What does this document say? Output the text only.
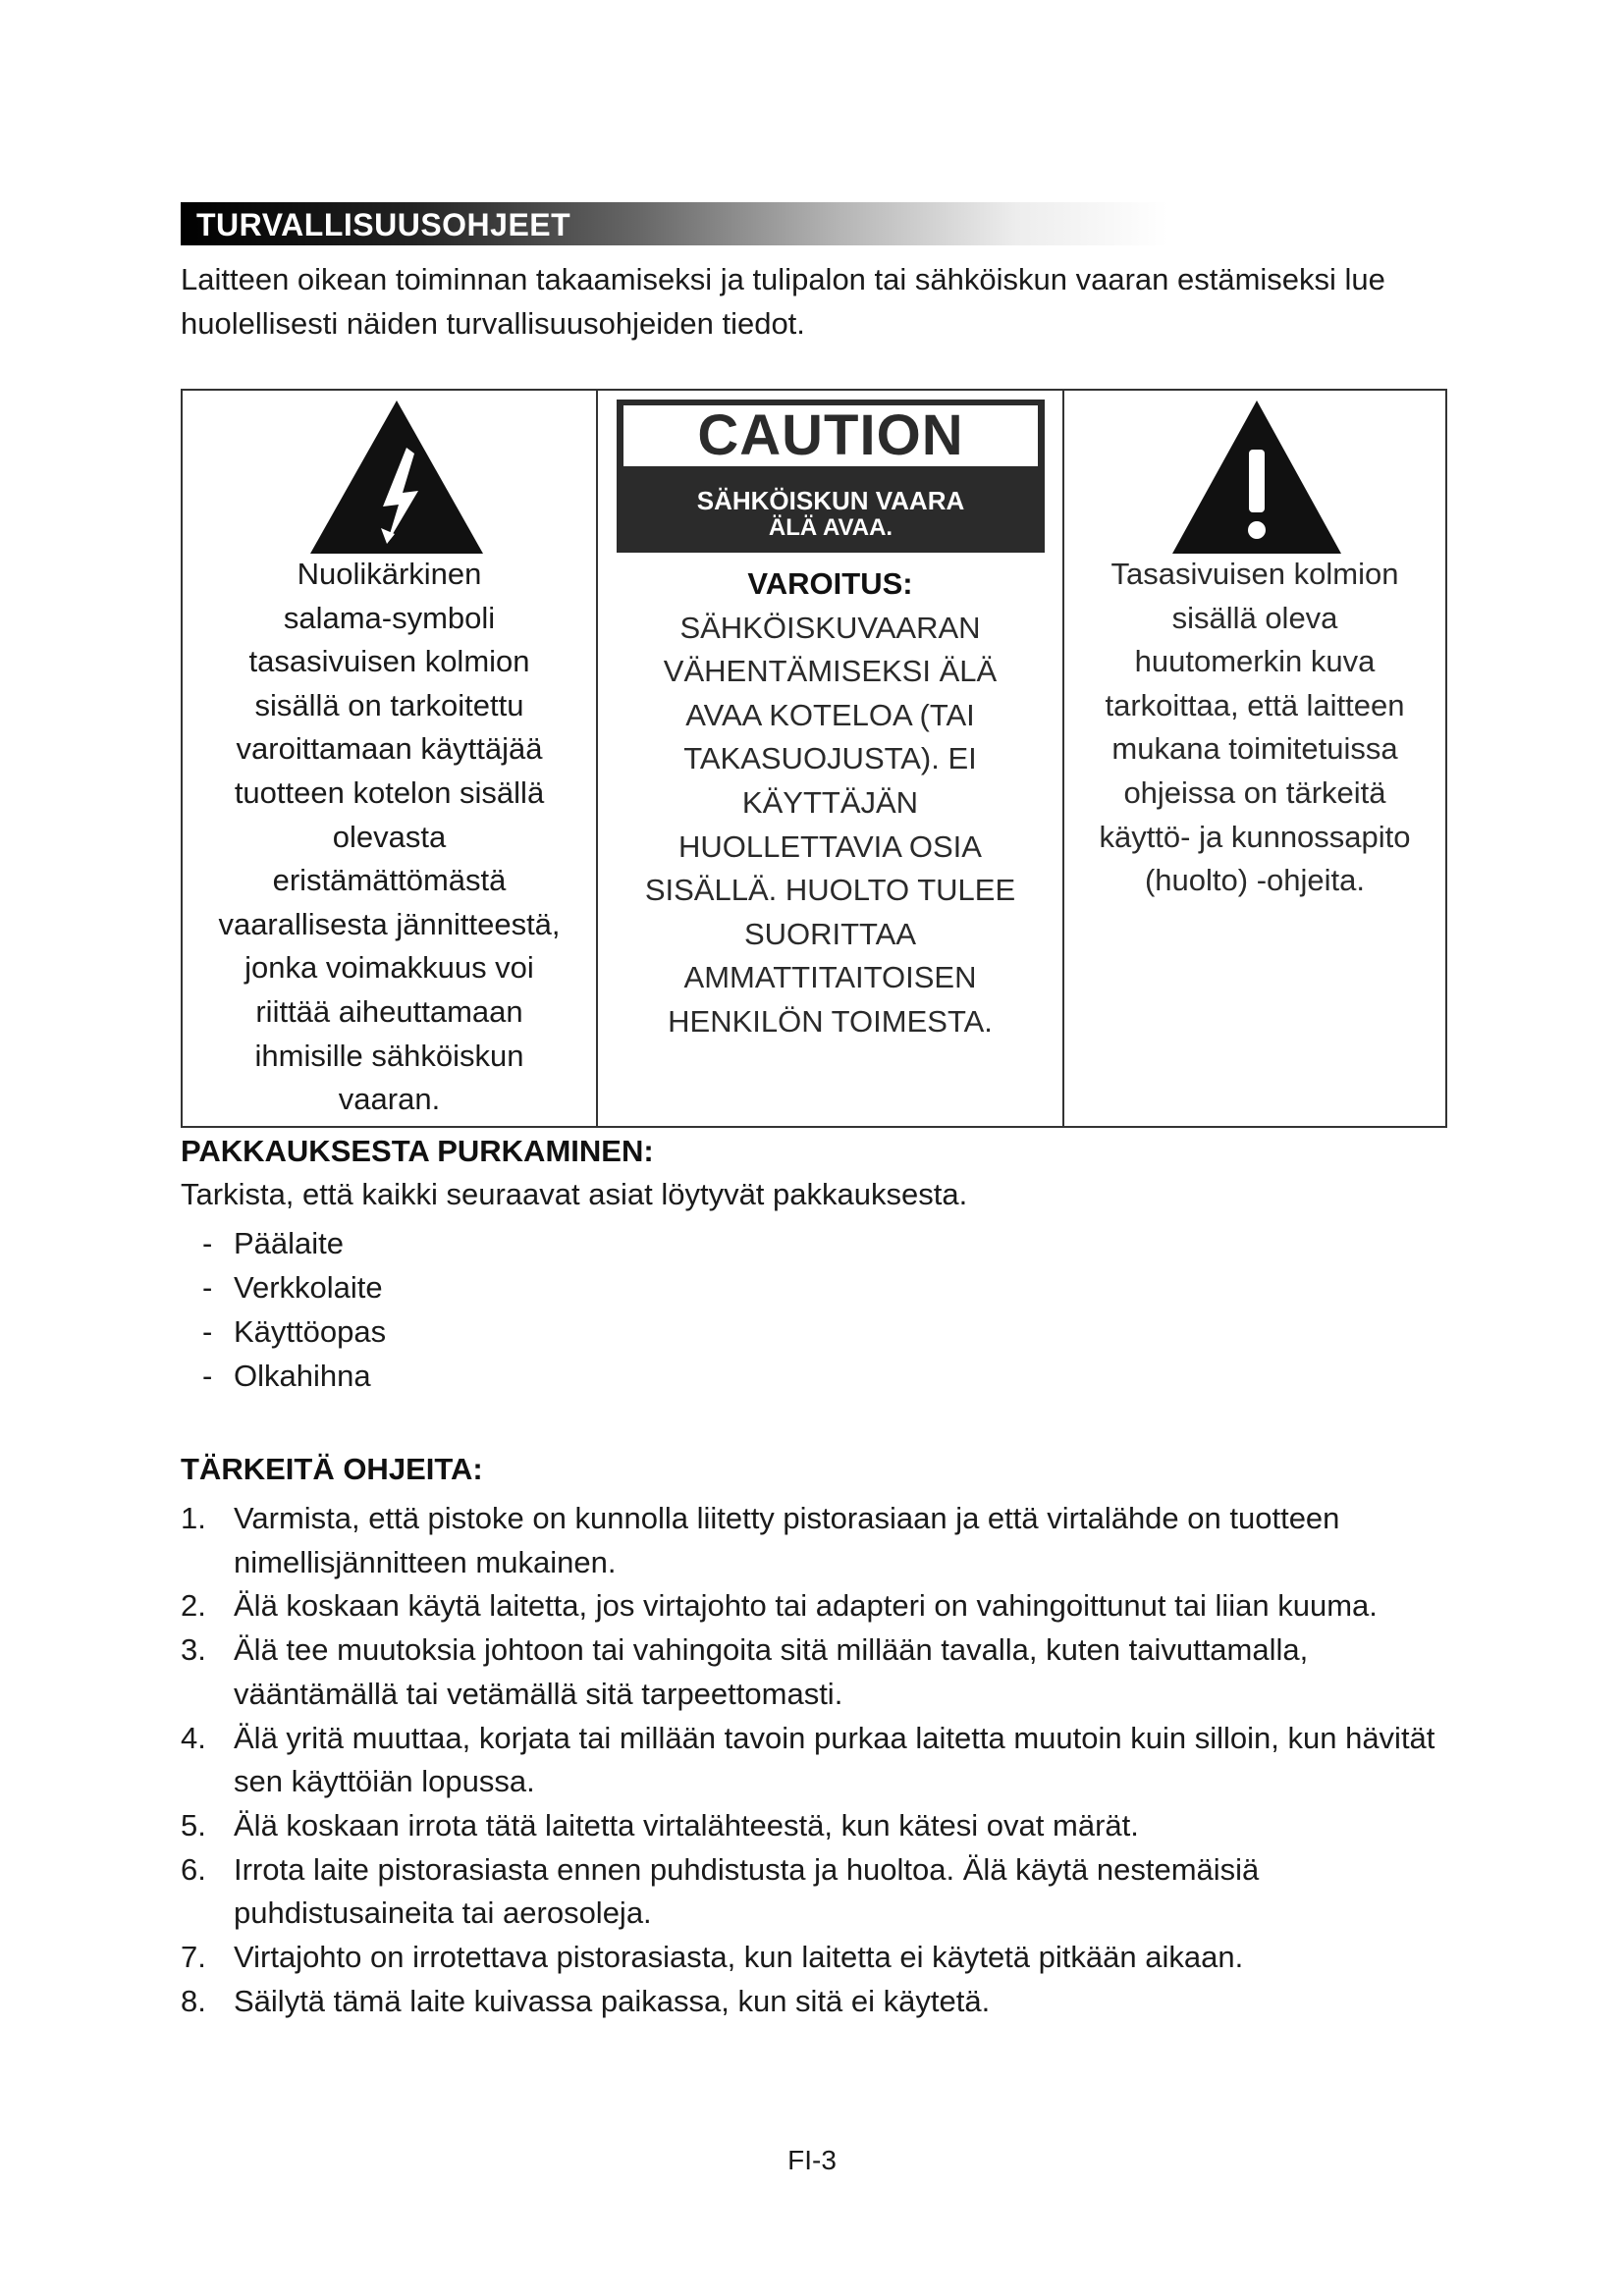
TURVALLISUUSOHJEET
Laitteen oikean toiminnan takaamiseksi ja tulipalon tai sähköiskun vaaran estämiseksi lue huolellisesti näiden turvallisuusohjeiden tiedot.
Nuolikärkinen
salama-symboli
tasasivuisen kolmion
sisällä on tarkoitettu
varoittamaan käyttäjää
tuotteen kotelon sisällä
olevasta
eristämättömästä
vaarallisesta jännitteestä,
jonka voimakkuus voi
riittää aiheuttamaan
ihmisille sähköiskun
vaaran.
CAUTION
SÄHKÖISKUN VAARA
ÄLÄ AVAA.
VAROITUS:
SÄHKÖISKUVAARAN
VÄHENTÄMISEKSI ÄLÄ
AVAA KOTELOA (TAI
TAKASUOJUSTA). EI
KÄYTTÄJÄN
HUOLLETTAVIA OSIA
SISÄLLÄ. HUOLTO TULEE
SUORITTAA
AMMATTITAITOISEN
HENKILÖN TOIMESTA.
Tasasivuisen kolmion
sisällä oleva
huutomerkin kuva
tarkoittaa, että laitteen
mukana toimitetuissa
ohjeissa on tärkeitä
käyttö- ja kunnossapito
(huolto) -ohjeita.
PAKKAUKSESTA PURKAMINEN:
Tarkista, että kaikki seuraavat asiat löytyvät pakkauksesta.
- Päälaite
- Verkkolaite
- Käyttöopas
- Olkahihna
TÄRKEITÄ OHJEITA:
1. Varmista, että pistoke on kunnolla liitetty pistorasiaan ja että virtalähde on tuotteen nimellisjännitteen mukainen.
2. Älä koskaan käytä laitetta, jos virtajohto tai adapteri on vahingoittunut tai liian kuuma.
3. Älä tee muutoksia johtoon tai vahingoita sitä millään tavalla, kuten taivuttamalla, vääntämällä tai vetämällä sitä tarpeettomasti.
4. Älä yritä muuttaa, korjata tai millään tavoin purkaa laitetta muutoin kuin silloin, kun hävität sen käyttöiän lopussa.
5. Älä koskaan irrota tätä laitetta virtalähteestä, kun kätesi ovat märät.
6. Irrota laite pistorasiasta ennen puhdistusta ja huoltoa. Älä käytä nestemäisiä puhdistusaineita tai aerosoleja.
7. Virtajohto on irrotettava pistorasiasta, kun laitetta ei käytetä pitkään aikaan.
8. Säilytä tämä laite kuivassa paikassa, kun sitä ei käytetä.
FI-3
